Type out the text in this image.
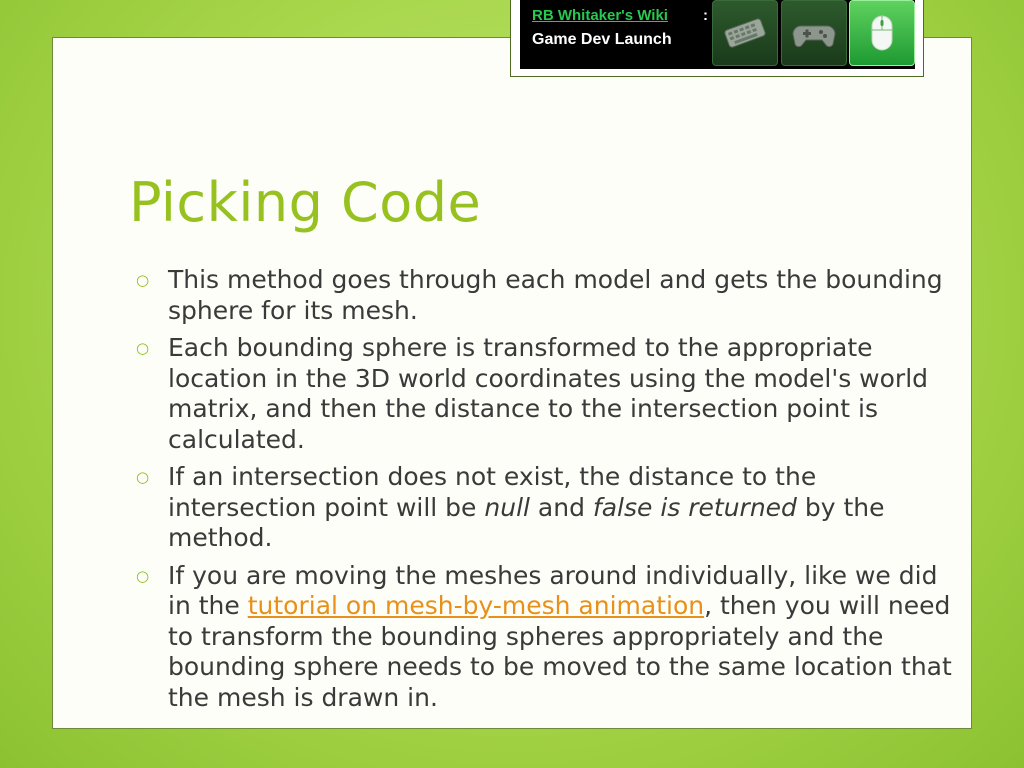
Picking Code
○
This method goes through each model and gets the bounding sphere for its mesh.
○
Each bounding sphere is transformed to the appropriate location in the 3D world coordinates using the model's world matrix, and then the distance to the intersection point is calculated.
○
If an intersection does not exist, the distance to the intersection point will be null and false is returned by the method.
○
If you are moving the meshes around individually, like we did in the tutorial on mesh-by-mesh animation, then you will need to transform the bounding spheres appropriately and the bounding sphere needs to be moved to the same location that the mesh is drawn in.
RB Whitaker's Wiki :
Game Dev Launch
